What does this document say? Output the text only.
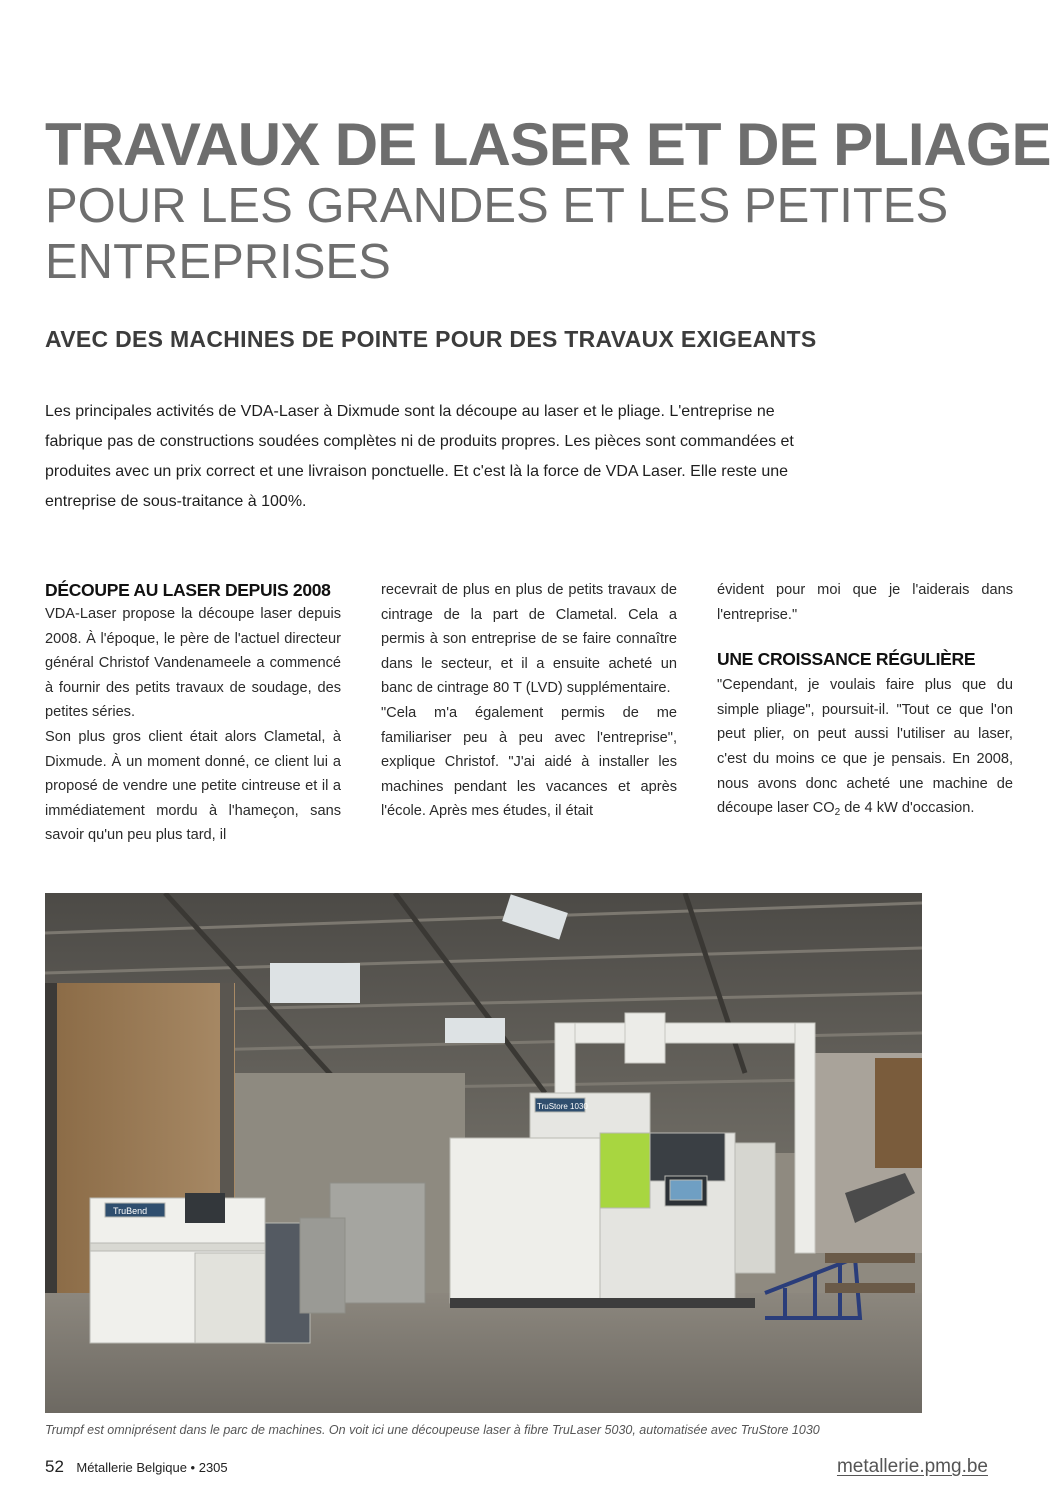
TRAVAUX DE LASER ET DE PLIAGE
POUR LES GRANDES ET LES PETITES ENTREPRISES
AVEC DES MACHINES DE POINTE POUR DES TRAVAUX EXIGEANTS

Les principales activités de VDA-Laser à Dixmude sont la découpe au laser et le pliage. L'entreprise ne fabrique pas de constructions soudées complètes ni de produits propres. Les pièces sont commandées et produites avec un prix correct et une livraison ponctuelle. Et c'est là la force de VDA Laser. Elle reste une entreprise de sous-traitance à 100%.

DÉCOUPE AU LASER DEPUIS 2008

VDA-Laser propose la découpe laser depuis 2008. À l'époque, le père de l'actuel directeur général Christof Vandenameele a commencé à fournir des petits travaux de soudage, des petites séries.

Son plus gros client était alors Clametal, à Dixmude. À un moment donné, ce client lui a proposé de vendre une petite cintreuse et il a immédiatement mordu à l'hameçon, sans savoir qu'un peu plus tard, il

recevrait de plus en plus de petits travaux de cintrage de la part de Clametal. Cela a permis à son entreprise de se faire connaître dans le secteur, et il a ensuite acheté un banc de cintrage 80 T (LVD) supplémentaire.

"Cela m'a également permis de me familiariser peu à peu avec l'entreprise", explique Christof. "J'ai aidé à installer les machines pendant les vacances et après l'école. Après mes études, il était

évident pour moi que je l'aiderais dans l'entreprise."

UNE CROISSANCE RÉGULIÈRE

"Cependant, je voulais faire plus que du simple pliage", poursuit-il. "Tout ce que l'on peut plier, on peut aussi l'utiliser au laser, c'est du moins ce que je pensais. En 2008, nous avons donc acheté une machine de découpe laser $CO_2$ de 4 kW d'occasion.

TruBend
TruStore 1030

Trumpf est omniprésent dans le parc de machines. On voit ici une découpeuse laser à fibre TruLaser 5030, automatisée avec TruStore 1030

52 Métallerie Belgique • 2305	metallerie.pmg.be
